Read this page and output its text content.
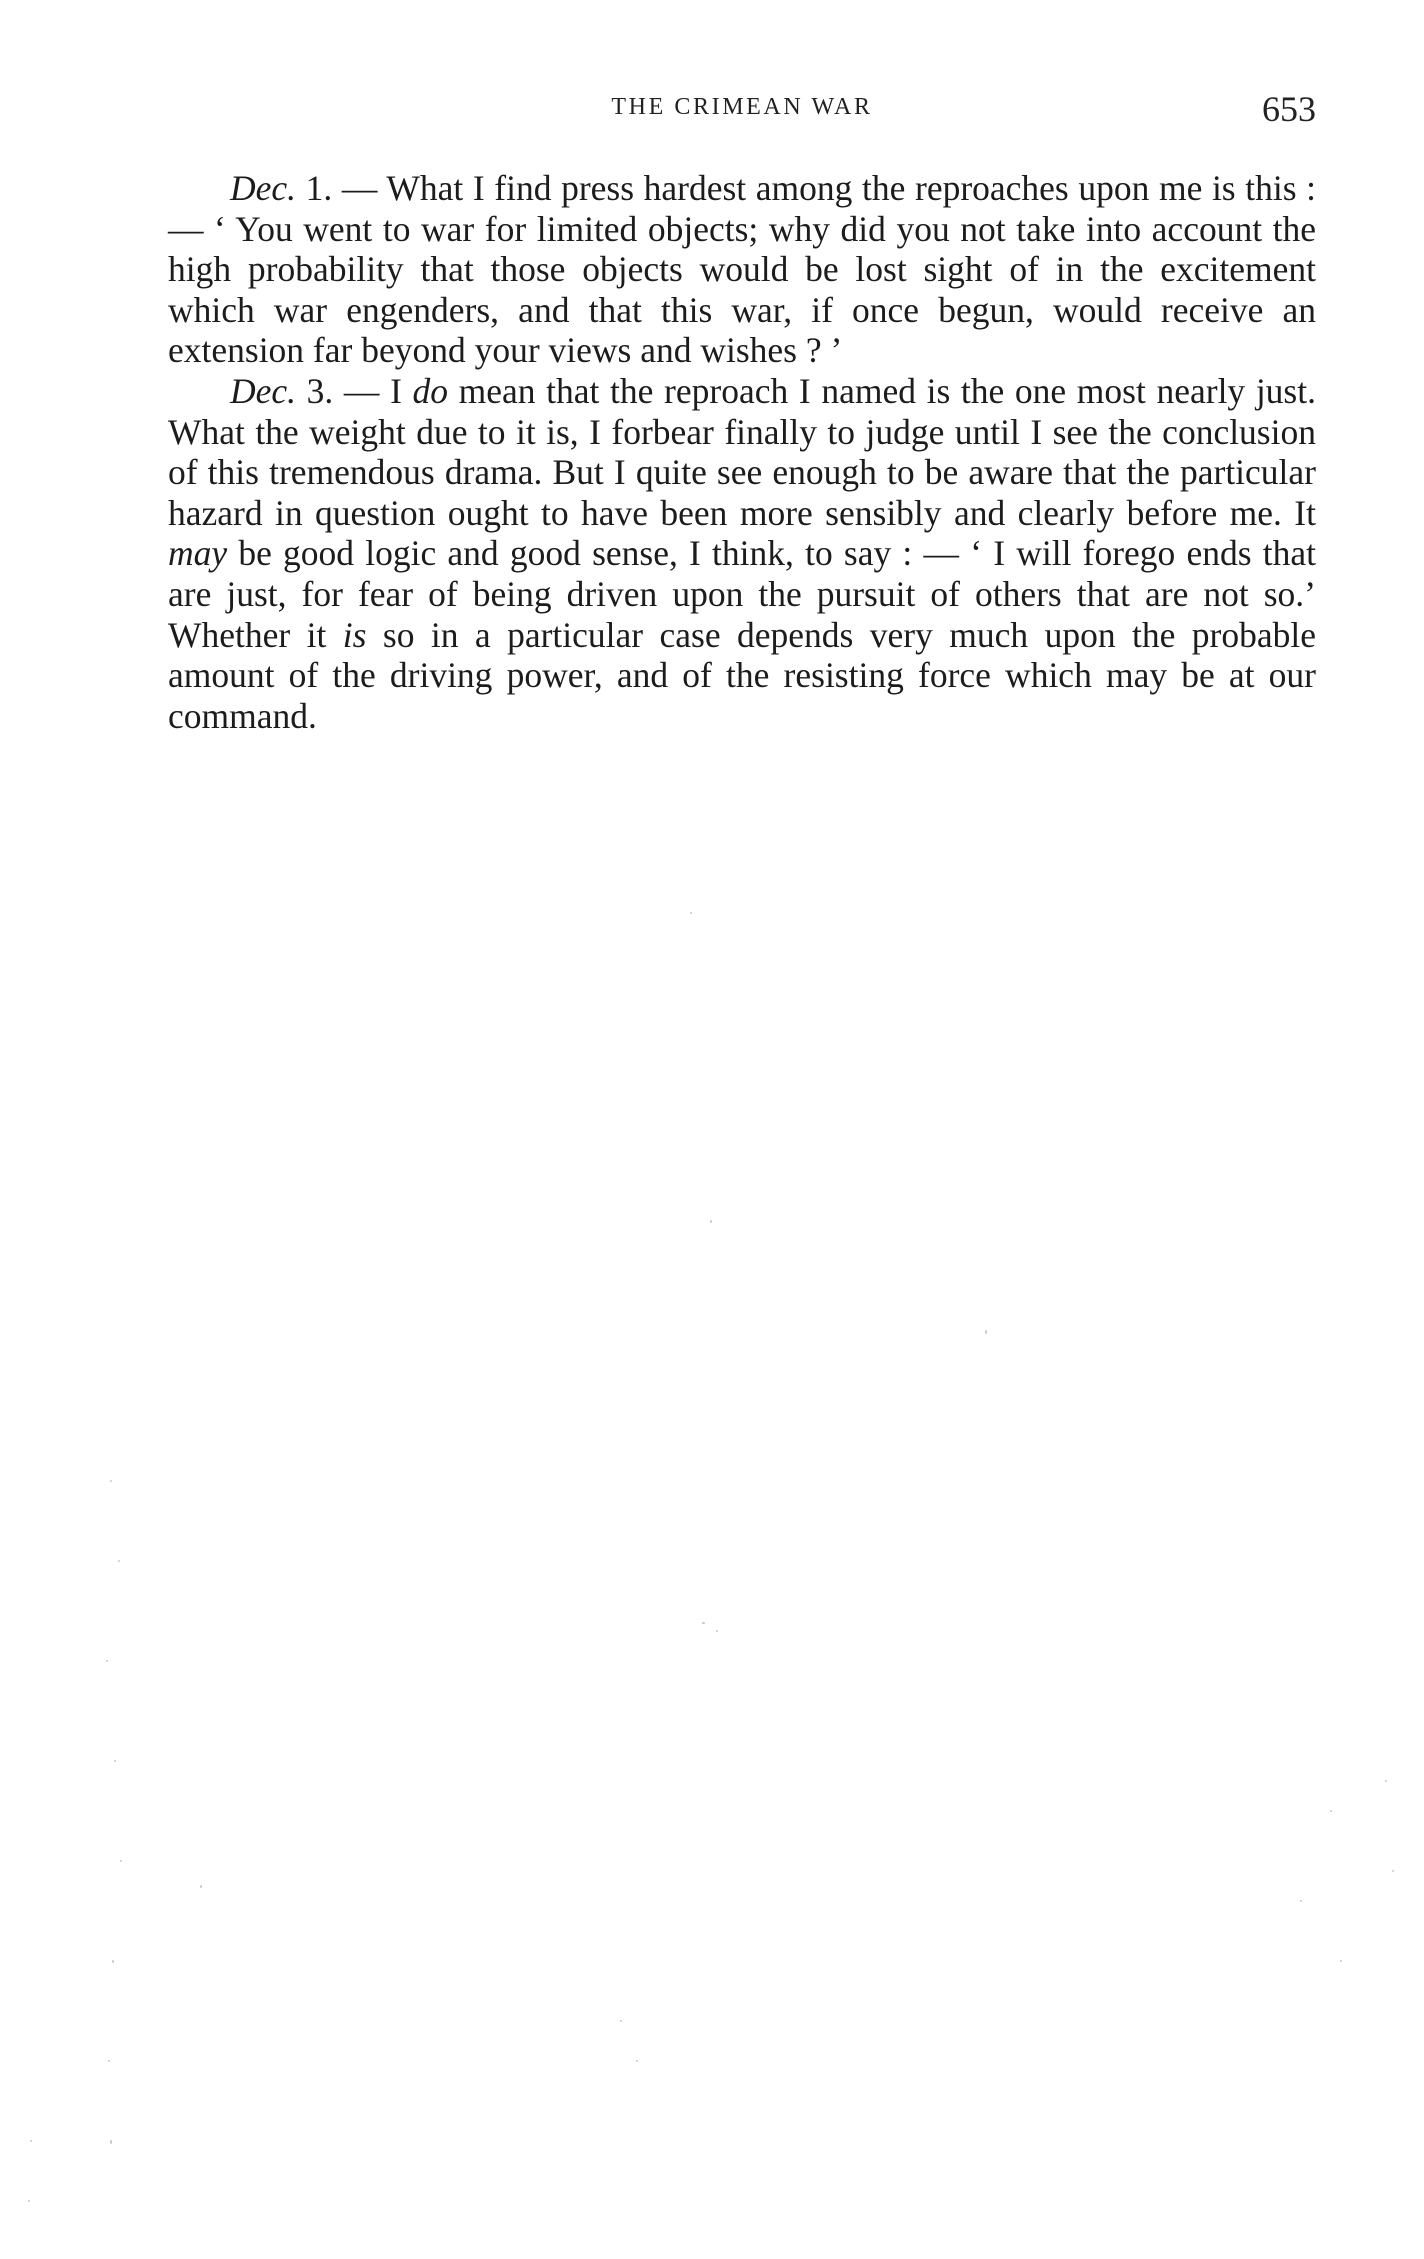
THE CRIMEAN WAR	653

Dec. 1. — What I find press hardest among the reproaches upon me is this : — ‘ You went to war for limited objects; why did you not take into account the high probability that those objects would be lost sight of in the excitement which war engenders, and that this war, if once begun, would receive an extension far beyond your views and wishes ? ’

Dec. 3. — I do mean that the reproach I named is the one most nearly just. What the weight due to it is, I forbear finally to judge until I see the conclusion of this tremendous drama. But I quite see enough to be aware that the particular hazard in question ought to have been more sensibly and clearly before me. It may be good logic and good sense, I think, to say : — ‘ I will forego ends that are just, for fear of being driven upon the pursuit of others that are not so.’ Whether it is so in a particular case depends very much upon the probable amount of the driving power, and of the resisting force which may be at our command.
